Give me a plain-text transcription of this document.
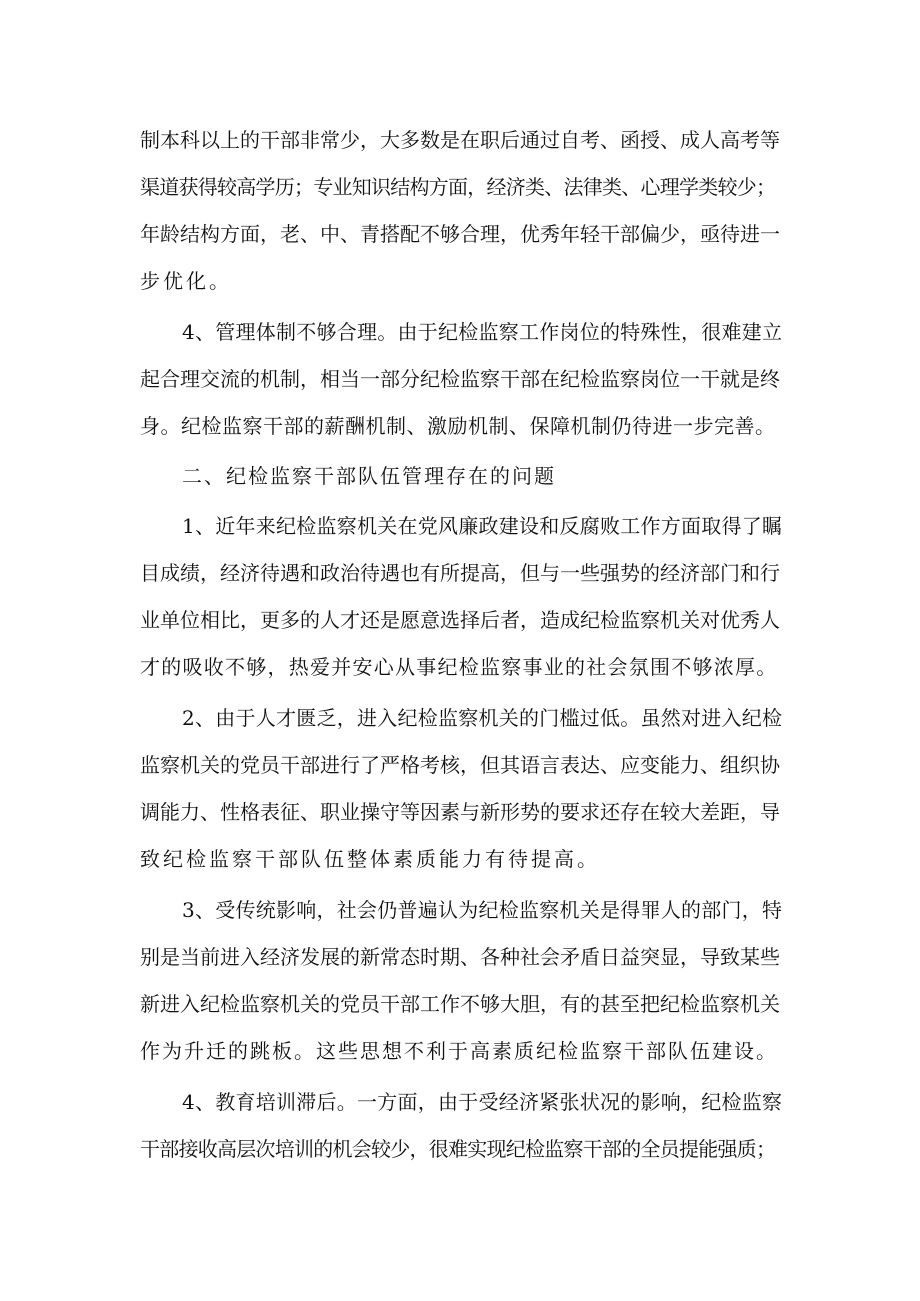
制本科以上的干部非常少，大多数是在职后通过自考、函授、成人高考等
渠道获得较高学历；专业知识结构方面，经济类、法律类、心理学类较少；
年龄结构方面，老、中、青搭配不够合理，优秀年轻干部偏少，亟待进一
步优化。
4、管理体制不够合理。由于纪检监察工作岗位的特殊性，很难建立
起合理交流的机制，相当一部分纪检监察干部在纪检监察岗位一干就是终
身。纪检监察干部的薪酬机制、激励机制、保障机制仍待进一步完善。
二、纪检监察干部队伍管理存在的问题
1、近年来纪检监察机关在党风廉政建设和反腐败工作方面取得了瞩
目成绩，经济待遇和政治待遇也有所提高，但与一些强势的经济部门和行
业单位相比，更多的人才还是愿意选择后者，造成纪检监察机关对优秀人
才的吸收不够，热爱并安心从事纪检监察事业的社会氛围不够浓厚。
2、由于人才匮乏，进入纪检监察机关的门槛过低。虽然对进入纪检
监察机关的党员干部进行了严格考核，但其语言表达、应变能力、组织协
调能力、性格表征、职业操守等因素与新形势的要求还存在较大差距，导
致纪检监察干部队伍整体素质能力有待提高。
3、受传统影响，社会仍普遍认为纪检监察机关是得罪人的部门，特
别是当前进入经济发展的新常态时期、各种社会矛盾日益突显，导致某些
新进入纪检监察机关的党员干部工作不够大胆，有的甚至把纪检监察机关
作为升迁的跳板。这些思想不利于高素质纪检监察干部队伍建设。
4、教育培训滞后。一方面，由于受经济紧张状况的影响，纪检监察
干部接收高层次培训的机会较少，很难实现纪检监察干部的全员提能强质；
